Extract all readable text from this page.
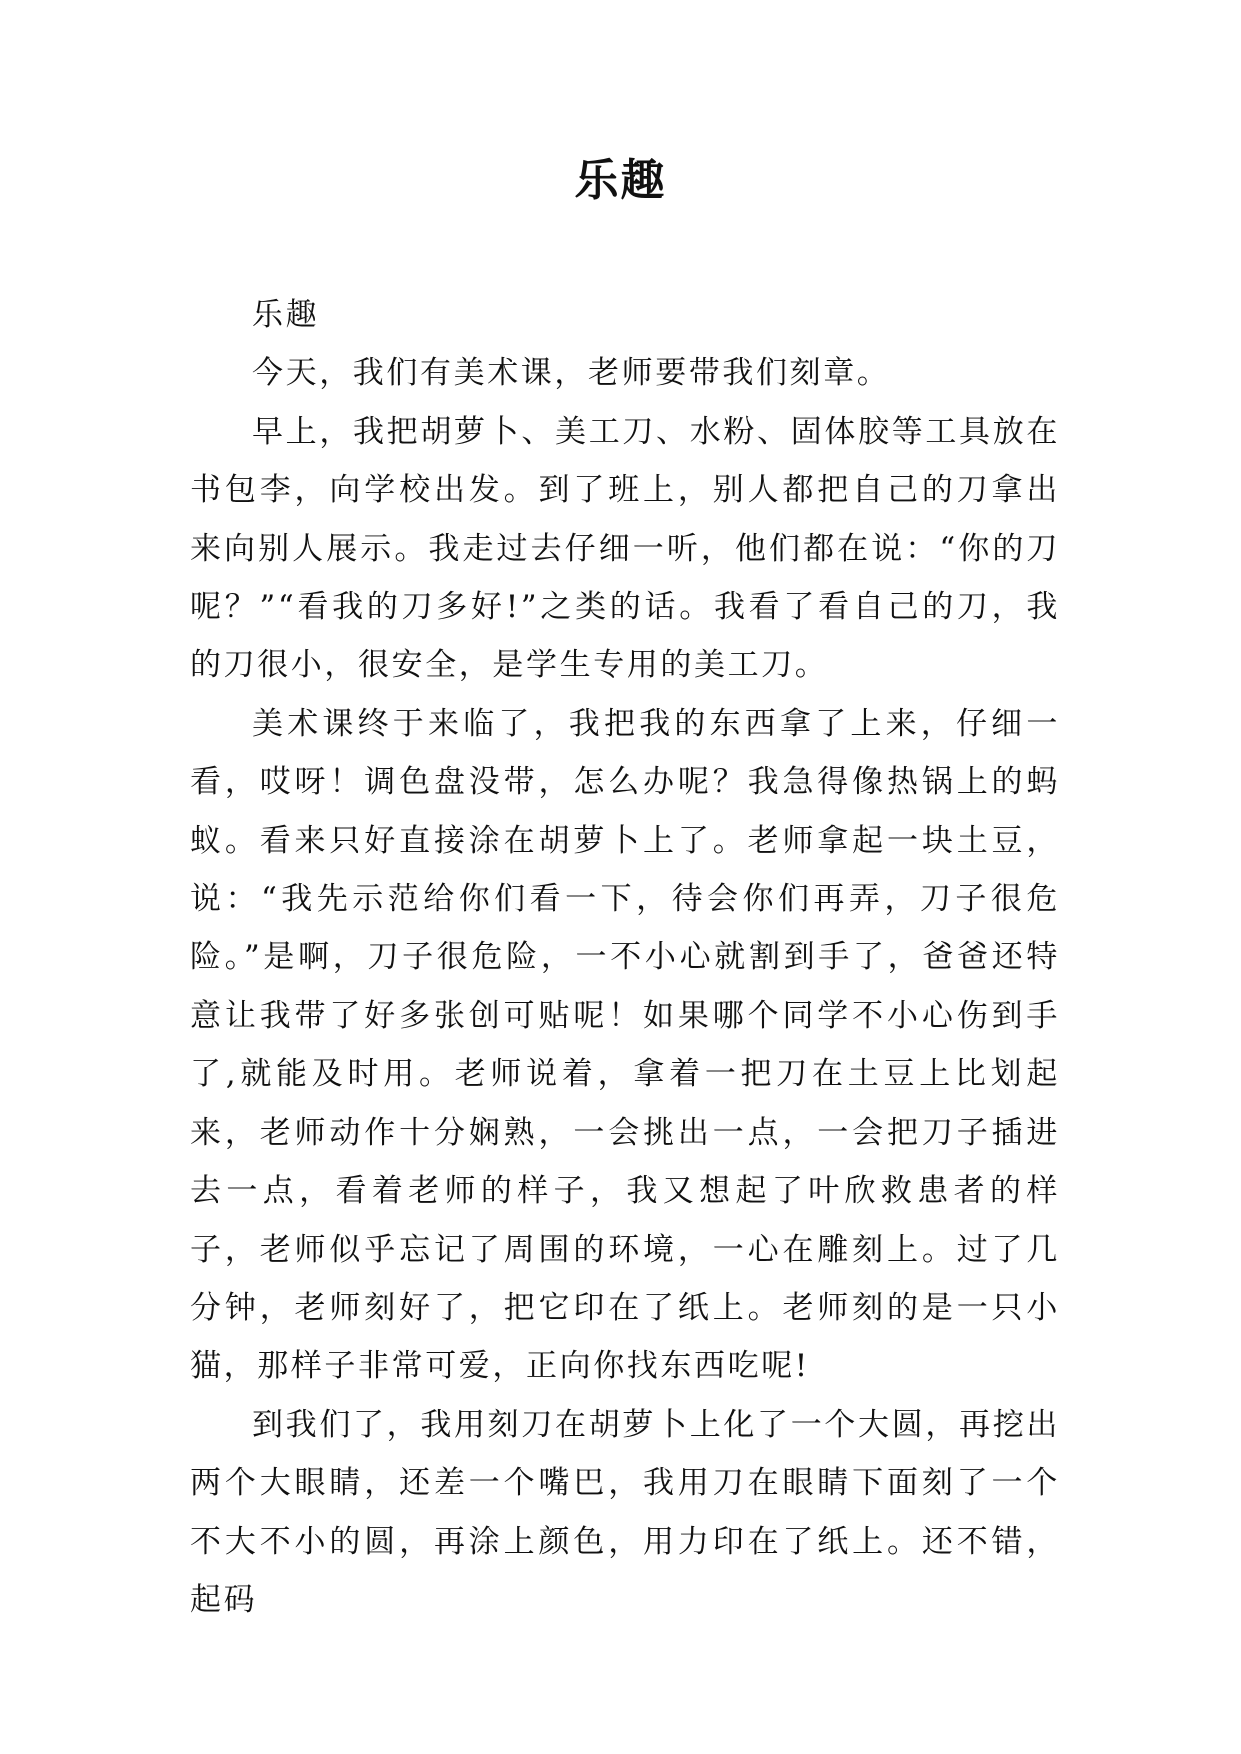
乐趣

乐趣

今天，我们有美术课，老师要带我们刻章。

早上，我把胡萝卜、美工刀、水粉、固体胶等工具放在书包李，向学校出发。到了班上，别人都把自己的刀拿出来向别人展示。我走过去仔细一听，他们都在说：“你的刀呢？”“看我的刀多好!”之类的话。我看了看自己的刀，我的刀很小，很安全，是学生专用的美工刀。

美术课终于来临了，我把我的东西拿了上来，仔细一看，哎呀！调色盘没带，怎么办呢？我急得像热锅上的蚂蚁。看来只好直接涂在胡萝卜上了。老师拿起一块土豆，说：“我先示范给你们看一下，待会你们再弄，刀子很危险。”是啊，刀子很危险，一不小心就割到手了，爸爸还特意让我带了好多张创可贴呢！如果哪个同学不小心伤到手了,就能及时用。老师说着，拿着一把刀在土豆上比划起来，老师动作十分娴熟，一会挑出一点，一会把刀子插进去一点，看着老师的样子，我又想起了叶欣救患者的样子，老师似乎忘记了周围的环境，一心在雕刻上。过了几分钟，老师刻好了，把它印在了纸上。老师刻的是一只小猫，那样子非常可爱，正向你找东西吃呢!

到我们了，我用刻刀在胡萝卜上化了一个大圆，再挖出两个大眼睛，还差一个嘴巴，我用刀在眼睛下面刻了一个不大不小的圆，再涂上颜色，用力印在了纸上。还不错，起码
